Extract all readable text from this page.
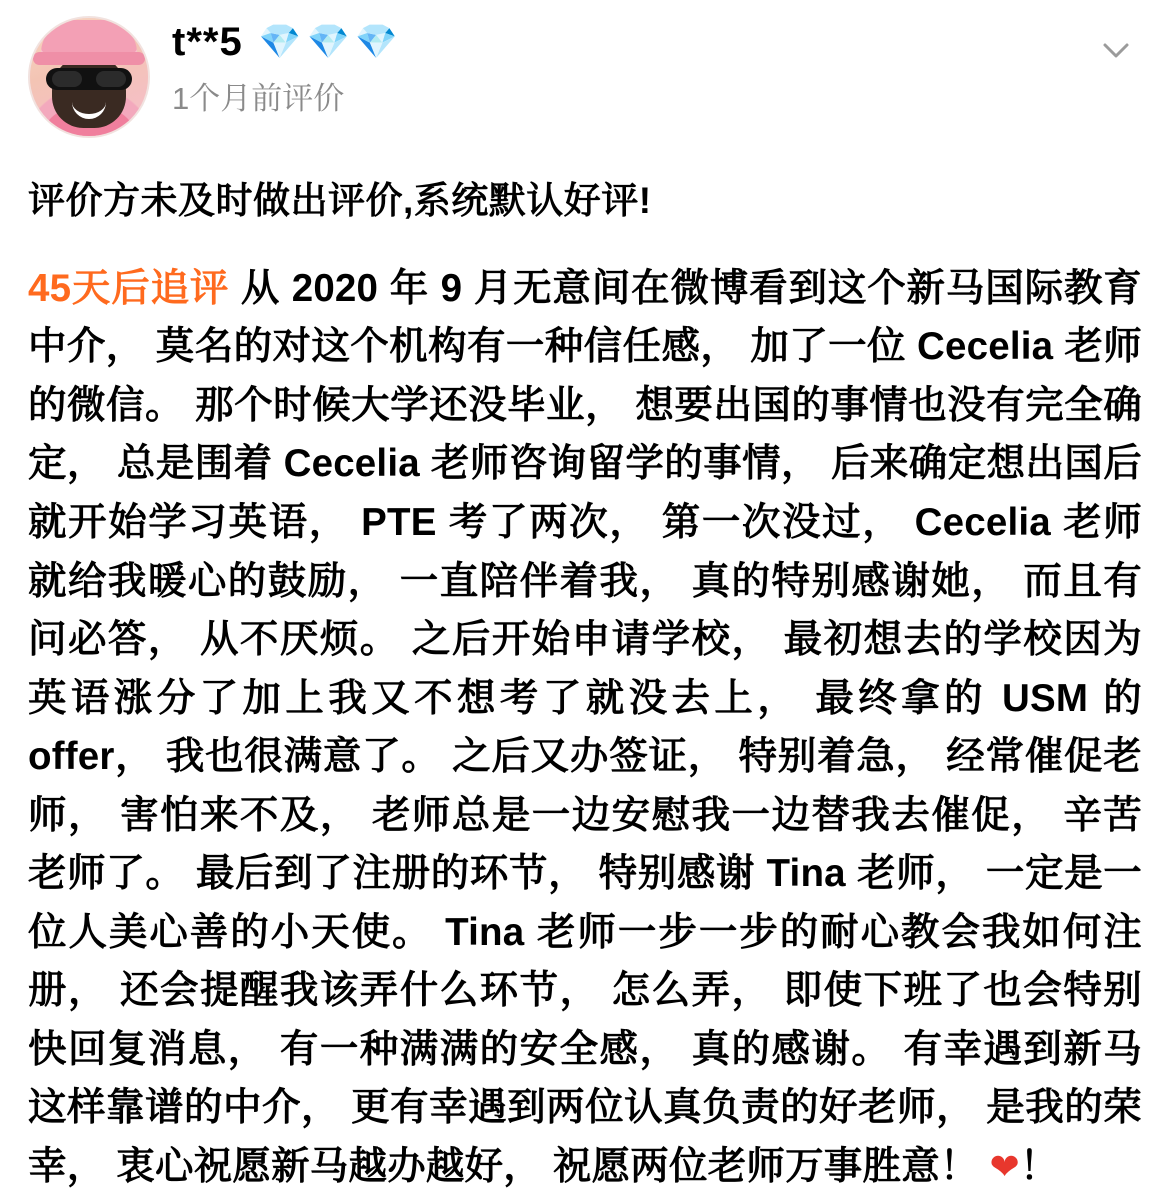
t**5 💎 💎 💎
1个月前评价
评价方未及时做出评价,系统默认好评!
45天后追评 从 2020 年 9 月无意间在微博看到这个新马国际教育中介， 莫名的对这个机构有一种信任感， 加了一位 Cecelia 老师的微信。 那个时候大学还没毕业， 想要出国的事情也没有完全确定， 总是围着 Cecelia 老师咨询留学的事情， 后来确定想出国后就开始学习英语， PTE 考了两次， 第一次没过， Cecelia 老师就给我暖心的鼓励， 一直陪伴着我， 真的特别感谢她， 而且有问必答， 从不厌烦。 之后开始申请学校， 最初想去的学校因为英语涨分了加上我又不想考了就没去上， 最终拿的 USM 的 offer， 我也很满意了。 之后又办签证， 特别着急， 经常催促老师， 害怕来不及， 老师总是一边安慰我一边替我去催促， 辛苦老师了。 最后到了注册的环节， 特别感谢 Tina 老师， 一定是一位人美心善的小天使。 Tina 老师一步一步的耐心教会我如何注册， 还会提醒我该弄什么环节， 怎么弄， 即使下班了也会特别快回复消息， 有一种满满的安全感， 真的感谢。 有幸遇到新马这样靠谱的中介， 更有幸遇到两位认真负责的好老师， 是我的荣幸， 衷心祝愿新马越办越好， 祝愿两位老师万事胜意！ ❤！
